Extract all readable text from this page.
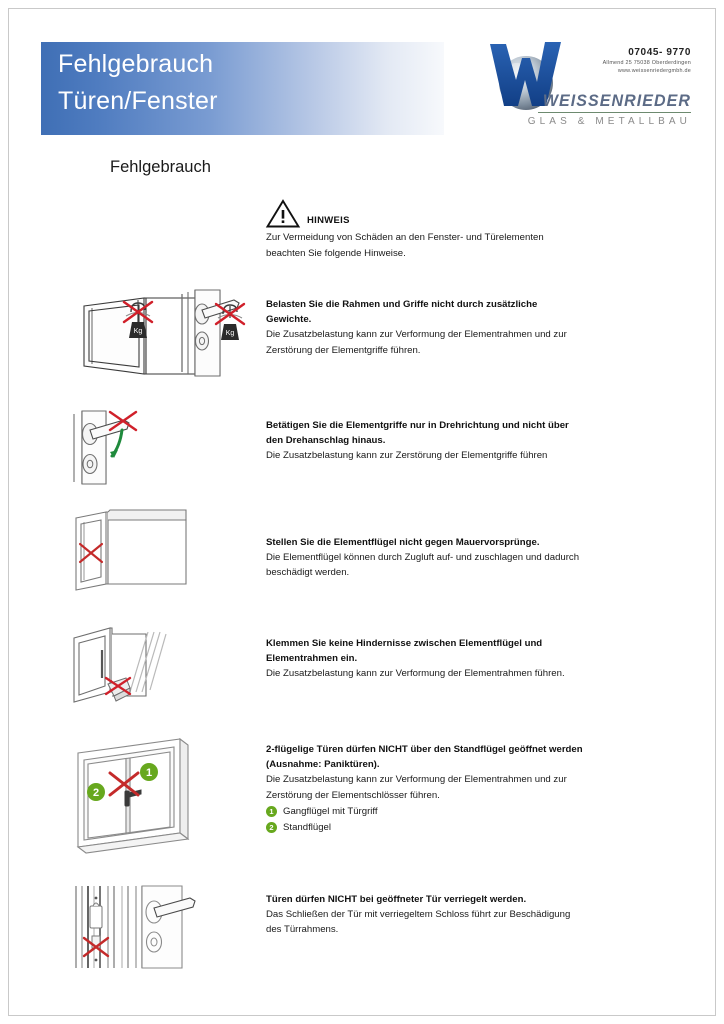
Fehlgebrauch
Türen/Fenster
07045- 9770
Allmend 25 75038 Oberderdingen
www.weissenriedergmbh.de
WEISSENRIEDER
GLAS & METALLBAU
Fehlgebrauch
HINWEIS
Zur Vermeidung von Schäden an den Fenster- und Türelementen
beachten Sie folgende Hinweise.
Kg	Kg
Belasten Sie die Rahmen und Griffe nicht durch zusätzliche
Gewichte.
Die Zusatzbelastung kann zur Verformung der Elementrahmen und zur
Zerstörung der Elementgriffe führen.
Betätigen Sie die Elementgriffe nur in Drehrichtung und nicht über
den Drehanschlag hinaus.
Die Zusatzbelastung kann zur Zerstörung der Elementgriffe führen
Stellen Sie die Elementflügel nicht gegen Mauervorsprünge.
Die Elementflügel können durch Zugluft auf- und zuschlagen und dadurch
beschädigt werden.
Klemmen Sie keine Hindernisse zwischen Elementflügel und
Elementrahmen ein.
Die Zusatzbelastung kann zur Verformung der Elementrahmen führen.
1
2
2-flügelige Türen dürfen NICHT über den Standflügel geöffnet werden
(Ausnahme: Paniktüren).
Die Zusatzbelastung kann zur Verformung der Elementrahmen und zur
Zerstörung der Elementschlösser führen.
1 Gangflügel mit Türgriff
2 Standflügel
Türen dürfen NICHT bei geöffneter Tür verriegelt werden.
Das Schließen der Tür mit verriegeltem Schloss führt zur Beschädigung
des Türrahmens.
